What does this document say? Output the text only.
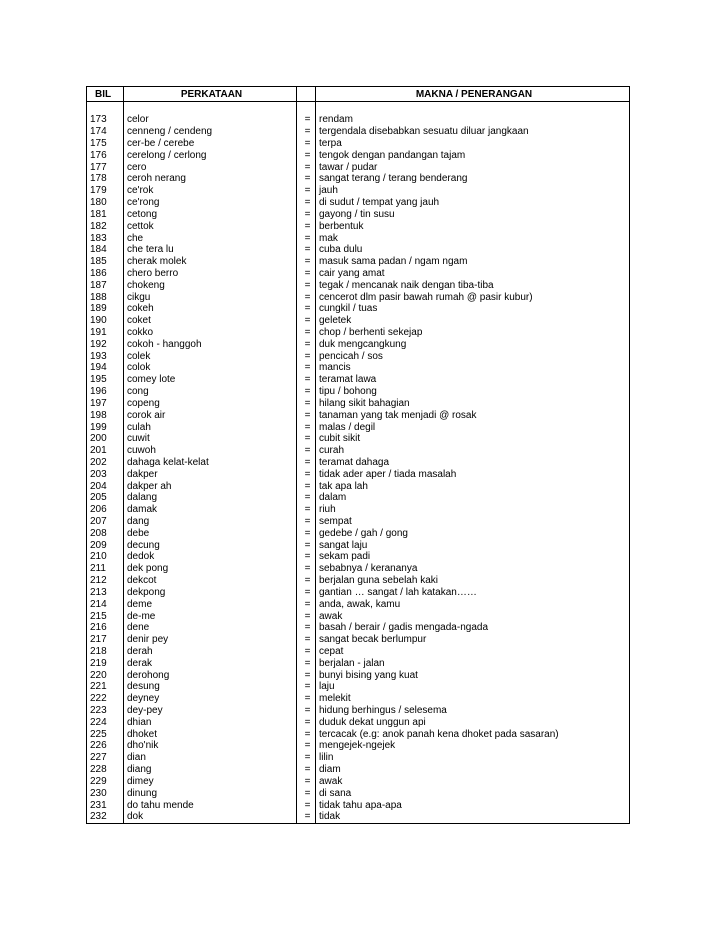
BIL	PERKATAAN		MAKNA / PENERANGAN

173	celor	=	rendam
174	cenneng / cendeng	=	tergendala disebabkan sesuatu diluar jangkaan
175	cer-be / cerebe	=	terpa
176	cerelong / cerlong	=	tengok dengan pandangan tajam
177	cero	=	tawar / pudar
178	ceroh nerang	=	sangat terang / terang benderang
179	ce'rok	=	jauh
180	ce'rong	=	di sudut / tempat yang jauh
181	cetong	=	gayong / tin susu
182	cettok	=	berbentuk
183	che	=	mak
184	che tera lu	=	cuba dulu
185	cherak molek	=	masuk sama padan / ngam ngam
186	chero berro	=	cair yang amat
187	chokeng	=	tegak / mencanak naik dengan tiba-tiba
188	cikgu	=	cencerot dlm pasir bawah rumah @ pasir kubur)
189	cokeh	=	cungkil / tuas
190	coket	=	geletek
191	cokko	=	chop / berhenti sekejap
192	cokoh - hanggoh	=	duk mengcangkung
193	colek	=	pencicah / sos
194	colok	=	mancis
195	comey lote	=	teramat lawa
196	cong	=	tipu / bohong
197	copeng	=	hilang sikit bahagian
198	corok air	=	tanaman yang tak menjadi @ rosak
199	culah	=	malas / degil
200	cuwit	=	cubit sikit
201	cuwoh	=	curah
202	dahaga kelat-kelat	=	teramat dahaga
203	dakper	=	tidak ader aper / tiada masalah
204	dakper ah	=	tak apa lah
205	dalang	=	dalam
206	damak	=	riuh
207	dang	=	sempat
208	debe	=	gedebe / gah / gong
209	decung	=	sangat laju
210	dedok	=	sekam padi
211	dek pong	=	sebabnya / kerananya
212	dekcot	=	berjalan guna sebelah kaki
213	dekpong	=	gantian … sangat / lah katakan……
214	deme	=	anda, awak, kamu
215	de-me	=	awak
216	dene	=	basah / berair / gadis mengada-ngada
217	denir pey	=	sangat becak berlumpur
218	derah	=	cepat
219	derak	=	berjalan - jalan
220	derohong	=	bunyi bising yang kuat
221	desung	=	laju
222	deyney	=	melekit
223	dey-pey	=	hidung berhingus / selesema
224	dhian	=	duduk dekat unggun api
225	dhoket	=	tercacak (e.g: anok panah kena dhoket pada sasaran)
226	dho'nik	=	mengejek-ngejek
227	dian	=	lilin
228	diang	=	diam
229	dimey	=	awak
230	dinung	=	di sana
231	do tahu mende	=	tidak tahu apa-apa
232	dok	=	tidak
